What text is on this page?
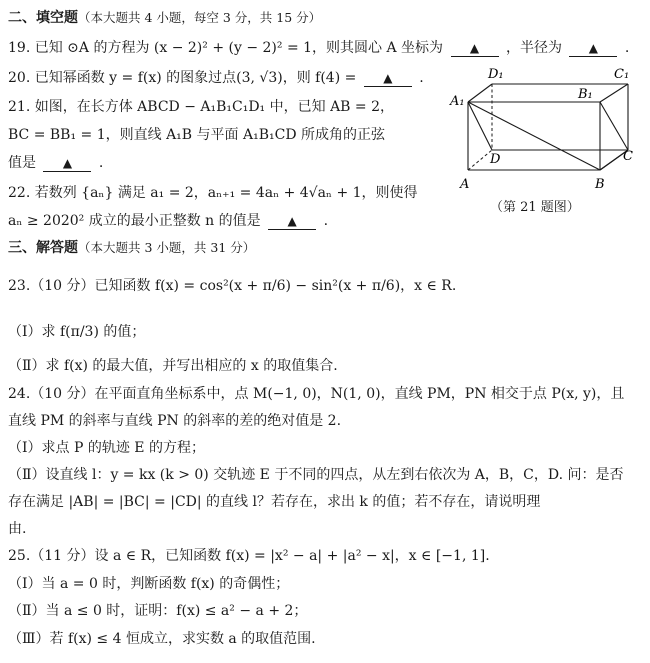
二、填空题（本大题共 4 小题，每空 3 分，共 15 分）
19. 已知 ⊙A 的方程为 (x − 2)² + (y − 2)² = 1，则其圆心 A 坐标为 ▲ ，半径为 ▲ .
20. 已知幂函数 y = f(x) 的图象过点(3, √3)，则 f(4) = ▲ .
21. 如图，在长方体 ABCD − A₁B₁C₁D₁ 中，已知 AB = 2，
BC = BB₁ = 1，则直线 A₁B 与平面 A₁B₁CD 所成角的正弦
值是 ▲ .
A₁
D₁	C₁
B₁
D	C
A	B
（第 21 题图）
22. 若数列 {aₙ} 满足 a₁ = 2，aₙ₊₁ = 4aₙ + 4√aₙ + 1，则使得
aₙ ≥ 2020² 成立的最小正整数 n 的值是 ▲ .
三、解答题（本大题共 3 小题，共 31 分）
23.（10 分）已知函数 f(x) = cos²(x + π/6) − sin²(x + π/6)，x ∈ R.
（Ⅰ）求 f(π/3) 的值；
（Ⅱ）求 f(x) 的最大值，并写出相应的 x 的取值集合.
24.（10 分）在平面直角坐标系中，点 M(−1, 0)，N(1, 0)，直线 PM，PN 相交于点 P(x, y)，且
直线 PM 的斜率与直线 PN 的斜率的差的绝对值是 2.
（Ⅰ）求点 P 的轨迹 E 的方程；
（Ⅱ）设直线 l：y = kx (k > 0) 交轨迹 E 于不同的四点，从左到右依次为 A，B，C，D. 问：是否
存在满足 |AB| = |BC| = |CD| 的直线 l？若存在，求出 k 的值；若不存在，请说明理
由.
25.（11 分）设 a ∈ R，已知函数 f(x) = |x² − a| + |a² − x|，x ∈ [−1, 1].
（Ⅰ）当 a = 0 时，判断函数 f(x) 的奇偶性；
（Ⅱ）当 a ≤ 0 时，证明：f(x) ≤ a² − a + 2；
（Ⅲ）若 f(x) ≤ 4 恒成立，求实数 a 的取值范围.
